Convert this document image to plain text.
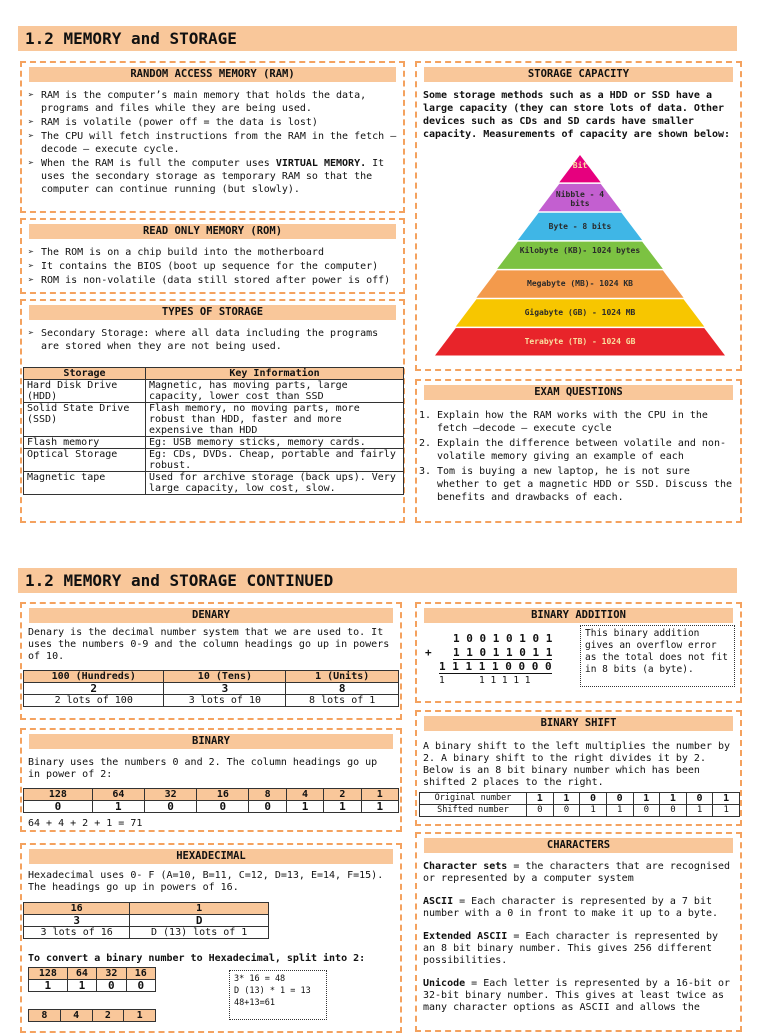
1.2 MEMORY and STORAGE
RANDOM ACCESS MEMORY (RAM)
➢ RAM is the computer’s main memory that holds the data, programs and files while they are being used.
➢ RAM is volatile (power off = the data is lost)
➢ The CPU will fetch instructions from the RAM in the fetch – decode – execute cycle.
➢ When the RAM is full the computer uses VIRTUAL MEMORY. It uses the secondary storage as temporary RAM so that the computer can continue running (but slowly).
READ ONLY MEMORY (ROM)
➢ The ROM is on a chip build into the motherboard
➢ It contains the BIOS (boot up sequence for the computer)
➢ ROM is non-volatile (data still stored after power is off)
TYPES OF STORAGE
➢ Secondary Storage: where all data including the programs are stored when they are not being used.
Storage	Key Information
Hard Disk Drive (HDD)	Magnetic, has moving parts, large capacity, lower cost than SSD
Solid State Drive (SSD)	Flash memory, no moving parts, more robust than HDD, faster and more expensive than HDD
Flash memory	Eg: USB memory sticks, memory cards.
Optical Storage	Eg: CDs, DVDs. Cheap, portable and fairly robust.
Magnetic tape	Used for archive storage (back ups). Very large capacity, low cost, slow.
STORAGE CAPACITY
Some storage methods such as a HDD or SSD have a large capacity (they can store lots of data. Other devices such as CDs and SD cards have smaller capacity. Measurements of capacity are shown below:
Bit
Nibble - 4 bits
Byte - 8 bits
Kilobyte (KB)- 1024 bytes
Megabyte (MB)- 1024 KB
Gigabyte (GB) - 1024 MB
Terabyte (TB) - 1024 GB
EXAM QUESTIONS
1. Explain how the RAM works with the CPU in the fetch –decode – execute cycle
2. Explain the difference between volatile and non-volatile memory giving an example of each
3. Tom is buying a new laptop, he is not sure whether to get a magnetic HDD or SSD. Discuss the benefits and drawbacks of each.
1.2 MEMORY and STORAGE CONTINUED
DENARY
Denary is the decimal number system that we are used to. It uses the numbers 0-9 and the column headings go up in powers of 10.
100 (Hundreds)	10 (Tens)	1 (Units)
2	3	8
2 lots of 100	3 lots of 10	8 lots of 1
BINARY
Binary uses the numbers 0 and 2. The column headings go up in power of 2:
128	64	32	16	8	4	2	1
0	1	0	0	0	1	1	1
64 + 4 + 2 + 1 = 71
HEXADECIMAL
Hexadecimal uses 0- F (A=10, B=11, C=12, D=13, E=14, F=15). The headings go up in powers of 16.
16	1
3	D
3 lots of 16	D (13) lots of 1
To convert a binary number to Hexadecimal, split into 2:
128	64	32	16
1	1	0	0
8	4	2	1
3* 16 = 48
D (13) * 1 = 13
48+13=61
BINARY ADDITION
1 0 0 1 0 1 0 1
+ 1 1 0 1 1 0 1 1
1 1 1 1 1 0 0 0 0
1	1 1 1 1 1
This binary addition gives an overflow error as the total does not fit in 8 bits (a byte).
BINARY SHIFT
A binary shift to the left multiplies the number by 2. A binary shift to the right divides it by 2. Below is an 8 bit binary number which has been shifted 2 places to the right.
Original number	1	1	0	0	1	1	0	1
Shifted number	0	0	1	1	0	0	1	1
CHARACTERS
Character sets = the characters that are recognised or represented by a computer system
ASCII = Each character is represented by a 7 bit number with a 0 in front to make it up to a byte.
Extended ASCII = Each character is represented by an 8 bit binary number. This gives 256 different possibilities.
Unicode = Each letter is represented by a 16-bit or 32-bit binary number. This gives at least twice as many character options as ASCII and allows the
